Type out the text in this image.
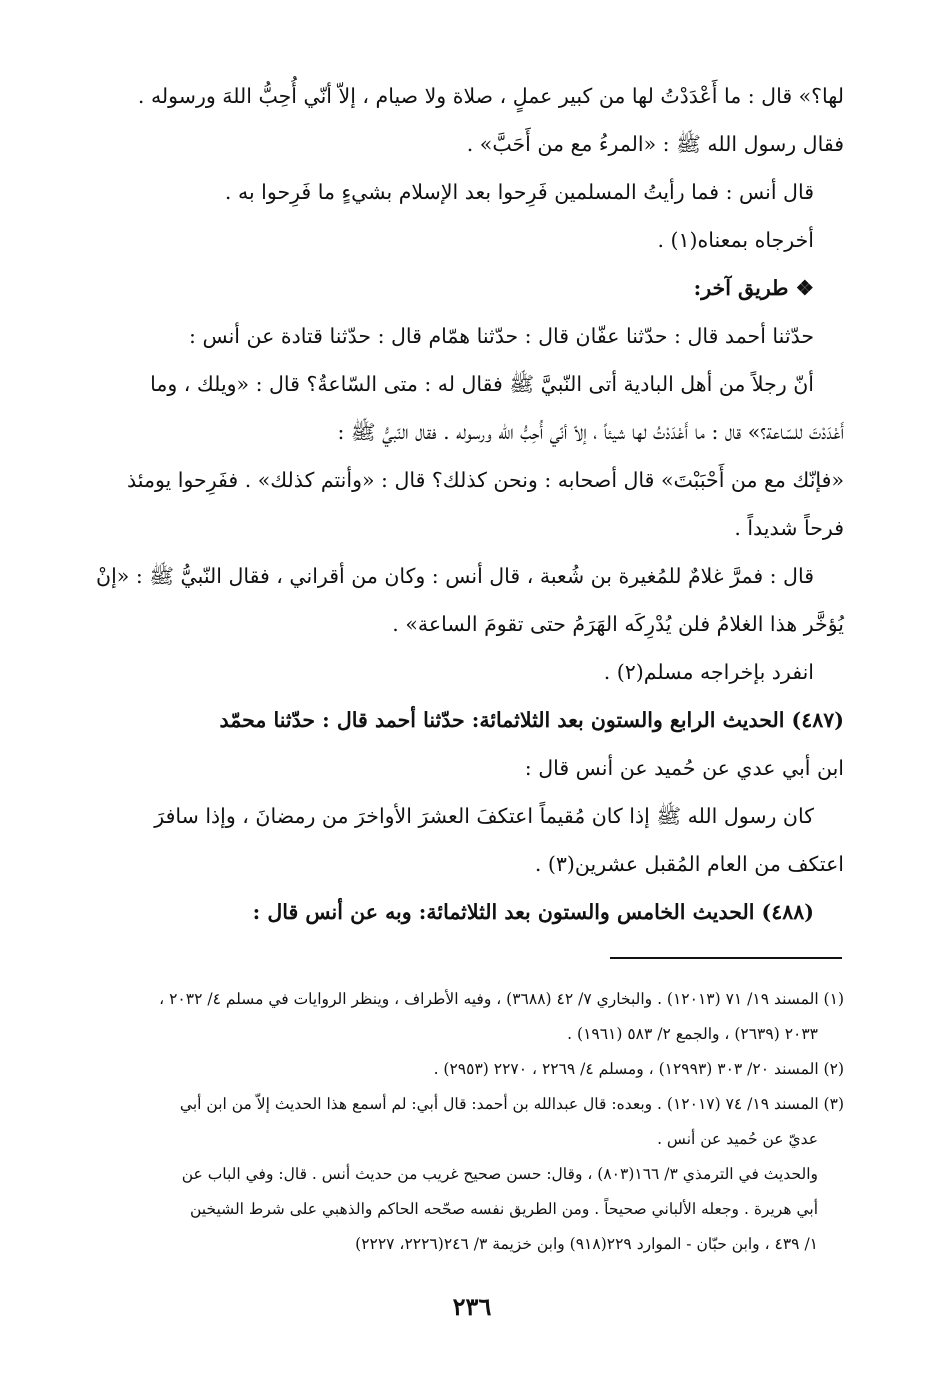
لها؟» قال : ما أَعْدَدْتُ لها من كبير عملٍ ، صلاة ولا صيام ، إلاّ أنّي أُحِبُّ اللهَ ورسوله .
فقال رسول الله ﷺ : «المرءُ مع من أَحَبَّ» .
قال أنس : فما رأيتُ المسلمين فَرِحوا بعد الإسلام بشيءٍ ما فَرِحوا به .
أخرجاه بمعناه(١) .
❖ طريق آخر:
حدّثنا أحمد قال : حدّثنا عفّان قال : حدّثنا همّام قال : حدّثنا قتادة عن أنس :
أنّ رجلاً من أهل البادية أتى النّبيَّ ﷺ فقال له : متى السّاعةُ؟ قال : «ويلك ، وما
أَعْدَدْتَ للسّاعة؟» قال : ما أَعْدَدْتُ لها شيئاً ، إلاّ أنّي أُحِبُّ الله ورسوله . فقال النّبيُّ ﷺ :
«فإنّك مع من أَحْبَبْتَ» قال أصحابه : ونحن كذلك؟ قال : «وأنتم كذلك» . ففَرِحوا يومئذ
فرحاً شديداً .
قال : فمرَّ غلامٌ للمُغيرة بن شُعبة ، قال أنس : وكان من أقراني ، فقال النّبيُّ ﷺ : «إنْ
يُؤخَّر هذا الغلامُ فلن يُدْرِكَه الهَرَمُ حتى تقومَ الساعة» .
انفرد بإخراجه مسلم(٢) .
(٤٨٧) الحديث الرابع والستون بعد الثلاثمائة: حدّثنا أحمد قال : حدّثنا محمّد
ابن أبي عدي عن حُميد عن أنس قال :
كان رسول الله ﷺ إذا كان مُقيماً اعتكفَ العشرَ الأواخرَ من رمضانَ ، وإذا سافرَ
اعتكف من العام المُقبل عشرين(٣) .
(٤٨٨) الحديث الخامس والستون بعد الثلاثمائة: وبه عن أنس قال :
(١) المسند ١٩/ ٧١ (١٢٠١٣) . والبخاري ٧/ ٤٢ (٣٦٨٨) ، وفيه الأطراف ، وينظر الروايات في مسلم ٤/ ٢٠٣٢ ،
٢٠٣٣ (٢٦٣٩) ، والجمع ٢/ ٥٨٣ (١٩٦١) .
(٢) المسند ٢٠/ ٣٠٣ (١٢٩٩٣) ، ومسلم ٤/ ٢٢٦٩ ، ٢٢٧٠ (٢٩٥٣) .
(٣) المسند ١٩/ ٧٤ (١٢٠١٧) . وبعده: قال عبدالله بن أحمد: قال أبي: لم أسمع هذا الحديث إلاّ من ابن أبي
عديّ عن حُميد عن أنس .
والحديث في الترمذي ٣/ ١٦٦(٨٠٣) ، وقال: حسن صحيح غريب من حديث أنس . قال: وفي الباب عن
أبي هريرة . وجعله الألباني صحيحاً . ومن الطريق نفسه صحّحه الحاكم والذهبي على شرط الشيخين
١/ ٤٣٩ ، وابن حبّان - الموارد ٢٢٩(٩١٨) وابن خزيمة ٣/ ٢٤٦(٢٢٢٦، ٢٢٢٧)
٢٣٦
